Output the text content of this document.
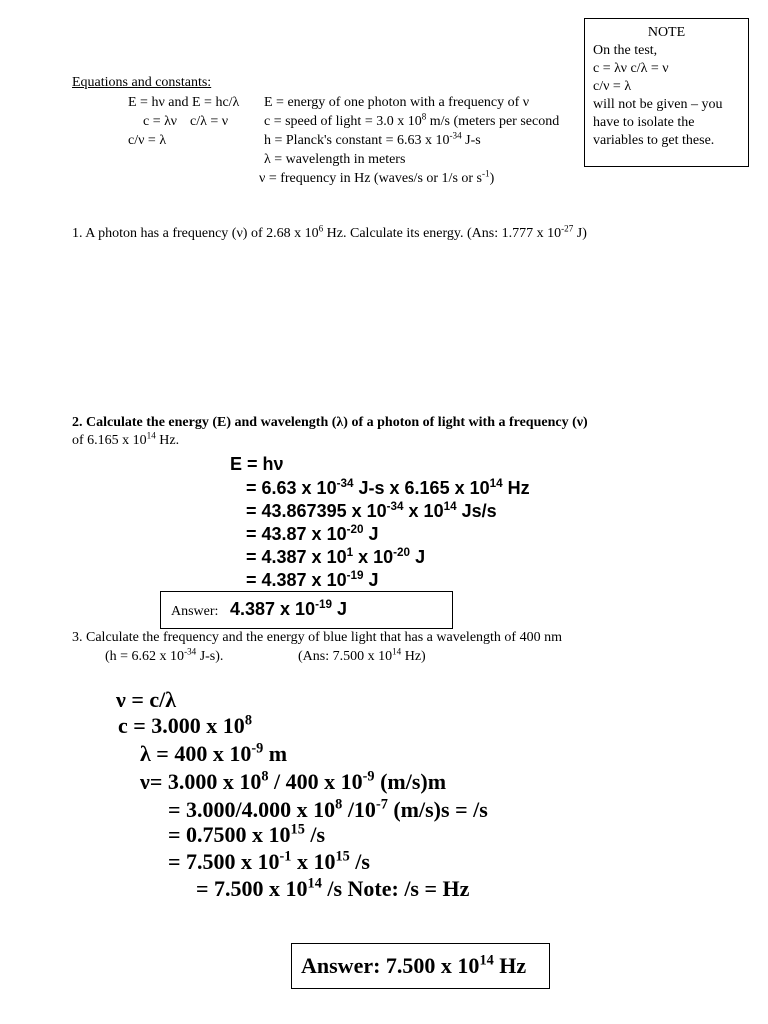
NOTE
On the test,
c = λν c/λ = ν
c/ν = λ
will not be given – you
have to isolate the
variables to get these.
Equations and constants:
E = hν and E = hc/λ
c = λν c/λ = ν
c/ν = λ
E = energy of one photon with a frequency of ν
c = speed of light = 3.0 x $10^8$ m/s (meters per second
h = Planck's constant = 6.63 x $10^{-34}$ J-s
λ = wavelength in meters
ν = frequency in Hz (waves/s or 1/s or $s^{-1}$)
1. A photon has a frequency (ν) of 2.68 x $10^6$ Hz. Calculate its energy. (Ans: 1.777 x $10^{-27}$ J)
2. Calculate the energy (E) and wavelength (λ) of a photon of light with a frequency (ν)
of 6.165 x $10^{14}$ Hz.
E = hν
= 6.63 x $10^{-34}$ J-s x 6.165 x $10^{14}$ Hz
= 43.867395 x $10^{-34}$ x $10^{14}$ Js/s
= 43.87 x $10^{-20}$ J
= 4.387 x $10^1$ x $10^{-20}$ J
= 4.387 x $10^{-19}$ J
Answer: 4.387 x $10^{-19}$ J
3. Calculate the frequency and the energy of blue light that has a wavelength of 400 nm
(h = 6.62 x $10^{-34}$ J-s).	(Ans: 7.500 x $10^{14}$ Hz)
ν = c/λ
c = 3.000 x $10^8$
λ = 400 x $10^{-9}$ m
ν= 3.000 x $10^8 / 400$ x $10^{-9}$ (m/s)m
= 3.000/4.000 x $10^8$ $/10^{-7}$ (m/s)s = /s
= 0.7500 x $10^{15}$ /s
= 7.500 x $10^{-1}$ x $10^{15}$ /s
= 7.500 x $10^{14}$ /s Note: /s = Hz
Answer: 7.500 x $10^{14}$ Hz
